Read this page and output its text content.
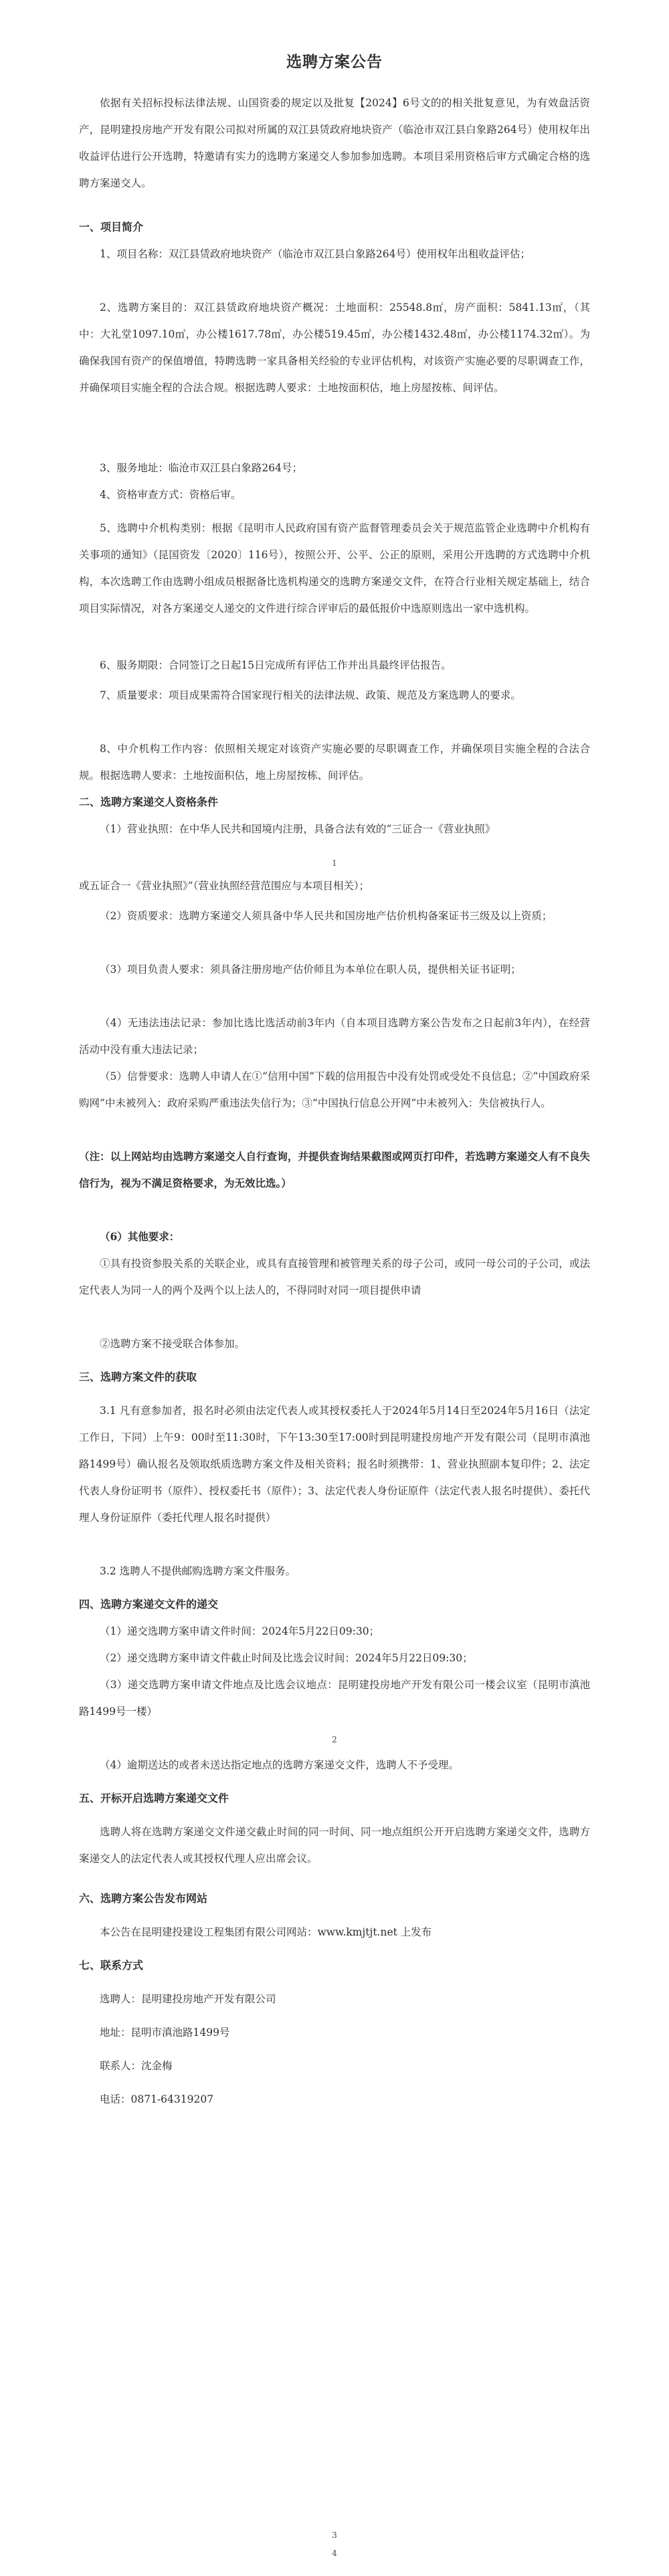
选聘方案公告
依据有关招标投标法律法规、山国资委的规定以及批复【2024】6号文的的相关批复意见，为有效盘活资产，昆明建投房地产开发有限公司拟对所属的双江县赁政府地块资产（临沧市双江县白象路264号）使用权年出收益评估进行公开选聘，特邀请有实力的选聘方案递交人参加参加选聘。本项目采用资格后审方式确定合格的选聘方案递交人。
一、项目简介
1、项目名称：双江县赁政府地块资产（临沧市双江县白象路264号）使用权年出租收益评估；
2、选聘方案目的：双江县赁政府地块资产概况：土地面积：25548.8㎡，房产面积：5841.13㎡，（其中：大礼堂1097.10㎡，办公楼1617.78㎡，办公楼519.45㎡，办公楼1432.48㎡，办公楼1174.32㎡）。为确保我国有资产的保值增值，特聘选聘一家具备相关经验的专业评估机构，对该资产实施必要的尽职调查工作，并确保项目实施全程的合法合规。根据选聘人要求：土地按面积估，地上房屋按栋、间评估。
3、服务地址：临沧市双江县白象路264号；
4、资格审查方式：资格后审。
5、选聘中介机构类别：根据《昆明市人民政府国有资产监督管理委员会关于规范监管企业选聘中介机构有关事项的通知》（昆国资发〔2020〕116号），按照公开、公平、公正的原则，采用公开选聘的方式选聘中介机构，本次选聘工作由选聘小组成员根据备比选机构递交的选聘方案递交文件，在符合行业相关规定基础上，结合项目实际情况，对各方案递交人递交的文件进行综合评审后的最低报价中选原则选出一家中选机构。
6、服务期限：合同签订之日起15日完成所有评估工作并出具最终评估报告。
7、质量要求：项目成果需符合国家现行相关的法律法规、政策、规范及方案选聘人的要求。
8、中介机构工作内容：依照相关规定对该资产实施必要的尽职调查工作，并确保项目实施全程的合法合规。根据选聘人要求：土地按面积估，地上房屋按栋、间评估。
二、选聘方案递交人资格条件
（1）营业执照：在中华人民共和国境内注册，具备合法有效的“三证合一《营业执照》
1
或五证合一《营业执照》”（营业执照经营范围应与本项目相关）；
（2）资质要求：选聘方案递交人须具备中华人民共和国房地产估价机构备案证书三级及以上资质；
（3）项目负责人要求：须具备注册房地产估价师且为本单位在职人员，提供相关证书证明；
（4）无违法违法记录：参加比选比选活动前3年内（自本项目选聘方案公告发布之日起前3年内），在经营活动中没有重大违法记录；
（5）信誉要求：选聘人申请人在①“信用中国”下载的信用报告中没有处罚或受处不良信息；②“中国政府采购网”中未被列入：政府采购严重违法失信行为；③“中国执行信息公开网”中未被列入：失信被执行人。
（注：以上网站均由选聘方案递交人自行查询，并提供查询结果截图或网页打印件，若选聘方案递交人有不良失信行为，视为不满足资格要求，为无效比选。）
（6）其他要求：
①具有投资参股关系的关联企业，或具有直接管理和被管理关系的母子公司，或同一母公司的子公司，或法定代表人为同一人的两个及两个以上法人的，不得同时对同一项目提供申请
②选聘方案不接受联合体参加。
三、选聘方案文件的获取
3.1 凡有意参加者，报名时必须由法定代表人或其授权委托人于2024年5月14日至2024年5月16日（法定工作日，下同）上午9：00时至11:30时，下午13:30至17:00时到昆明建投房地产开发有限公司（昆明市滇池路1499号）确认报名及领取纸质选聘方案文件及相关资料；报名时须携带：1、营业执照副本复印件；2、法定代表人身份证明书（原件）、授权委托书（原件）；3、法定代表人身份证原件（法定代表人报名时提供）、委托代理人身份证原件（委托代理人报名时提供）
3.2 选聘人不提供邮购选聘方案文件服务。
四、选聘方案递交文件的递交
（1）递交选聘方案申请文件时间：2024年5月22日09:30；
（2）递交选聘方案申请文件截止时间及比选会议时间：2024年5月22日09:30；
（3）递交选聘方案申请文件地点及比选会议地点：昆明建投房地产开发有限公司一楼会议室（昆明市滇池路1499号一楼）
2
（4）逾期送达的或者未送达指定地点的选聘方案递交文件，选聘人不予受理。
五、开标开启选聘方案递交文件
选聘人将在选聘方案递交文件递交截止时间的同一时间、同一地点组织公开开启选聘方案递交文件，选聘方案递交人的法定代表人或其授权代理人应出席会议。
六、选聘方案公告发布网站
本公告在昆明建投建设工程集团有限公司网站：www.kmjtjt.net 上发布
七、联系方式
选聘人：昆明建投房地产开发有限公司
地址：昆明市滇池路1499号
联系人：沈金梅
电话：0871-64319207
3
4
